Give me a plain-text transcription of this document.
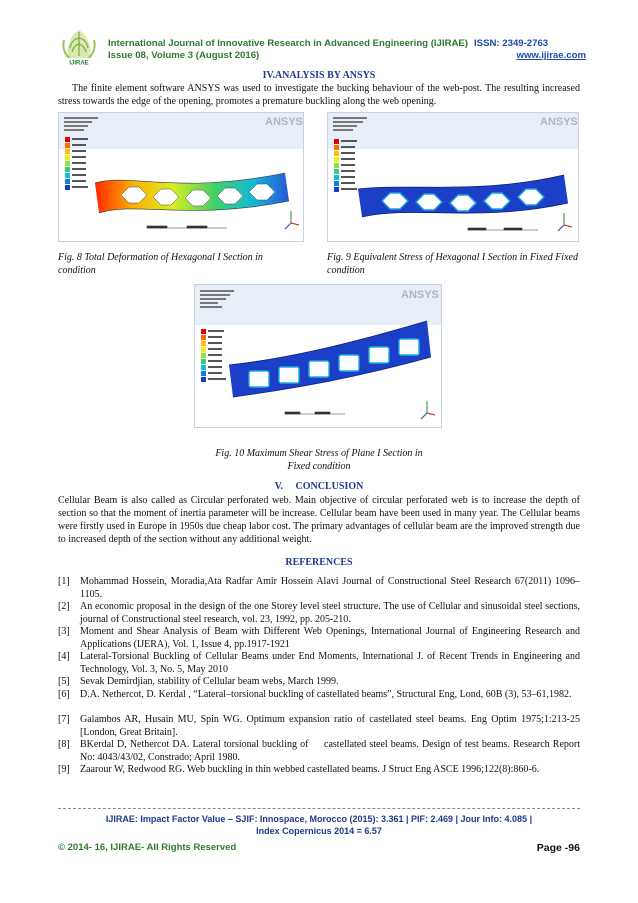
IJIRAE
International Journal of Innovative Research in Advanced Engineering (IJIRAE) ISSN: 2349-2763
Issue 08, Volume 3 (August 2016)	www.ijirae.com
IV.ANALYSIS BY ANSYS
The finite element software ANSYS was used to investigate the bucking behaviour of the web-post. The resulting increased stress towards the edge of the opening, promotes a premature buckling along the web opening.
ANSYS	ANSYS
Fig. 8 Total Deformation of Hexagonal I Section in condition
Fig. 9 Equivalent Stress of Hexagonal I Section in Fixed Fixed condition
ANSYS
Fig. 10 Maximum Shear Stress of Plane I Section in
Fixed condition
V.     CONCLUSION
Cellular Beam is also called as Circular perforated web. Main objective of circular perforated web is to increase the depth of section so that the moment of inertia parameter will be increase. Cellular beam have been used in many year. The Cellular beams were firstly used in Europe in 1950s due cheap labor cost. The primary advantages of cellular beam are the improved strength due to increased depth of the section without any additional weight.
REFERENCES
[1]	Mohammad Hossein, Moradia,Ata Radfar Amir Hossein Alavi Journal of Constructional Steel Research 67(2011) 1096–1105.
[2]	An economic proposal in the design of the one Storey level steel structure. The use of Cellular and sinusoidal steel sections, journal of Constructional steel research, vol. 23, 1992, pp. 205-210.
[3]	Moment and Shear Analysis of Beam with Different Web Openings, International Journal of Engineering Research and Applications (IJERA), Vol. 1, Issue 4, pp.1917-1921
[4]	Lateral-Torsional Buckling of Cellular Beams under End Moments, International J. of Recent Trends in Engineering and Technology, Vol. 3, No. 5, May 2010
[5]	Sevak Demirdjian, stability of Cellular beam webs, March 1999.
[6]	D.A. Nethercot, D. Kerdal , “Lateral–torsional buckling of castellated beams”, Structural Eng, Lond, 60B (3), 53–61,1982.
[7]	Galambos AR, Husain MU, Spin WG. Optimum expansion ratio of castellated steel beams. Eng Optim 1975;1:213-25 [London, Great Britain].
[8]	BKerdal D, Nethercot DA. Lateral torsional buckling of     castellated steel beams. Design of test beams. Research Report No: 4043/43/02, Constrado; April 1980.
[9]	Zaarour W, Redwood RG. Web buckling in thin webbed castellated beams. J Struct Eng ASCE 1996;122(8):860-6.
IJIRAE: Impact Factor Value – SJIF: Innospace, Morocco (2015): 3.361 | PIF: 2.469 | Jour Info: 4.085 |
Index Copernicus 2014 = 6.57
© 2014- 16, IJIRAE- All Rights Reserved	Page -96
